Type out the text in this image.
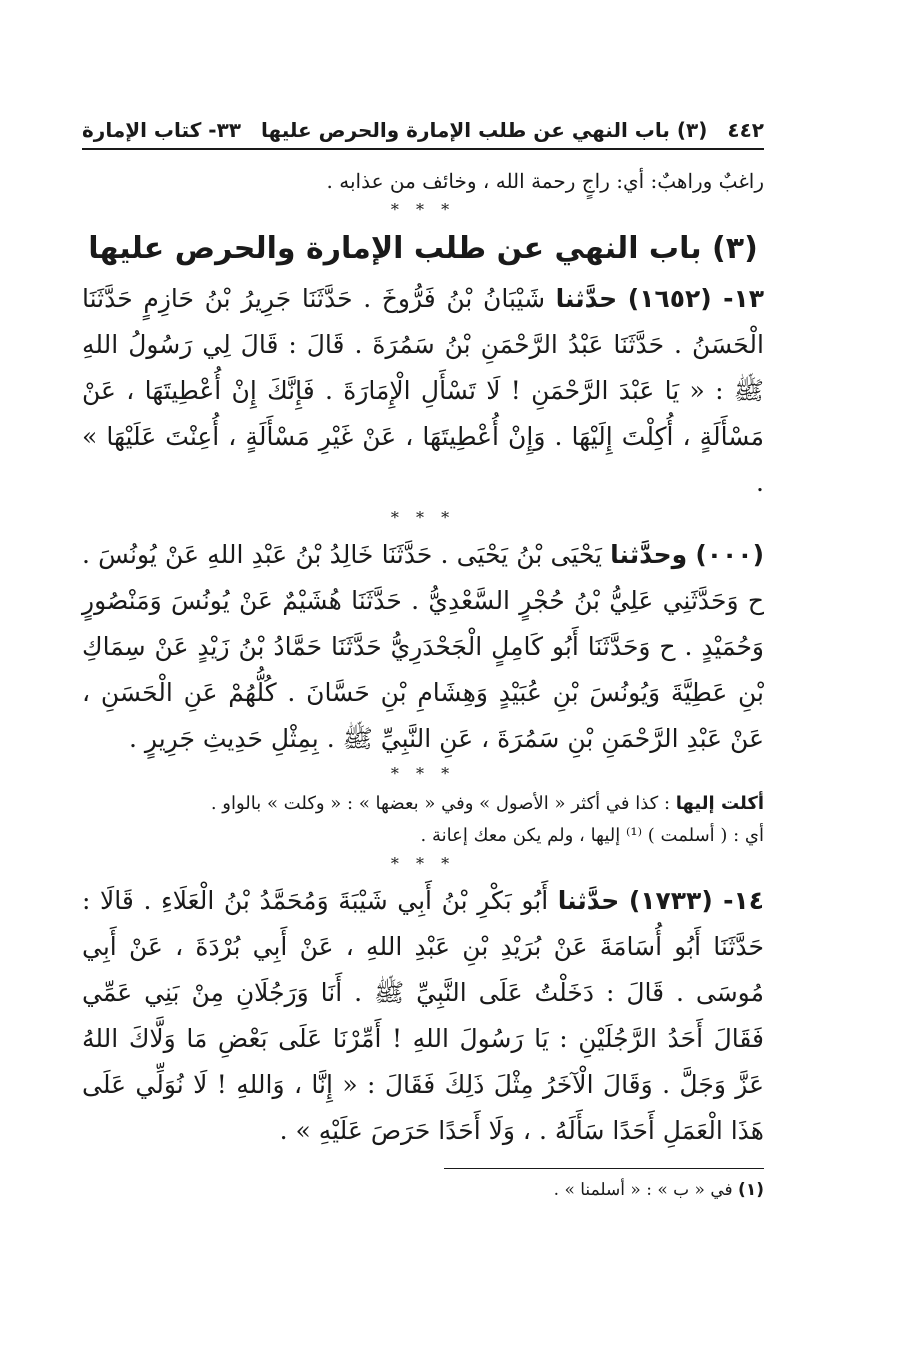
٤٤٢
(٣) باب النهي عن طلب الإمارة والحرص عليها
٣٣- كتاب الإمارة
راغبٌ وراهبٌ: أي: راجٍ رحمة الله ، وخائف من عذابه .
* * *
(٣) باب النهي عن طلب الإمارة والحرص عليها

١٣- (١٦٥٢) حدَّثنا شَيْبَانُ بْنُ فَرُّوخَ . حَدَّثَنَا جَرِيرُ بْنُ حَازِمٍ حَدَّثَنَا الْحَسَنُ . حَدَّثَنَا عَبْدُ الرَّحْمَنِ بْنُ سَمُرَةَ . قَالَ : قَالَ لِي رَسُولُ اللهِ ﷺ : « يَا عَبْدَ الرَّحْمَنِ ! لَا تَسْأَلِ الْإِمَارَةَ . فَإِنَّكَ إِنْ أُعْطِيتَهَا ، عَنْ مَسْأَلَةٍ ، أُكِلْتَ إِلَيْهَا . وَإِنْ أُعْطِيتَهَا ، عَنْ غَيْرِ مَسْأَلَةٍ ، أُعِنْتَ عَلَيْهَا » .

* * *

(٠٠٠) وحدَّثنا يَحْيَى بْنُ يَحْيَى . حَدَّثَنَا خَالِدُ بْنُ عَبْدِ اللهِ عَنْ يُونُسَ . ح وَحَدَّثَنِي عَلِيُّ بْنُ حُجْرٍ السَّعْدِيُّ . حَدَّثَنَا هُشَيْمٌ عَنْ يُونُسَ وَمَنْصُورٍ وَحُمَيْدٍ . ح وَحَدَّثَنَا أَبُو كَامِلٍ الْجَحْدَرِيُّ حَدَّثَنَا حَمَّادُ بْنُ زَيْدٍ عَنْ سِمَاكِ بْنِ عَطِيَّةَ وَيُونُسَ بْنِ عُبَيْدٍ وَهِشَامِ بْنِ حَسَّانَ . كُلُّهُمْ عَنِ الْحَسَنِ ، عَنْ عَبْدِ الرَّحْمَنِ بْنِ سَمُرَةَ ، عَنِ النَّبِيِّ ﷺ . بِمِثْلِ حَدِيثِ جَرِيرٍ .

* * *
أكلت إليها : كذا في أكثر « الأصول » وفي « بعضها » : « وكلت » بالواو .
أي : ( أسلمت ) ⁽¹⁾ إليها ، ولم يكن معك إعانة .
* * *

١٤- (١٧٣٣) حدَّثنا أَبُو بَكْرِ بْنُ أَبِي شَيْبَةَ وَمُحَمَّدُ بْنُ الْعَلَاءِ . قَالَا : حَدَّثَنَا أَبُو أُسَامَةَ عَنْ بُرَيْدِ بْنِ عَبْدِ اللهِ ، عَنْ أَبِي بُرْدَةَ ، عَنْ أَبِي مُوسَى . قَالَ : دَخَلْتُ عَلَى النَّبِيِّ ﷺ . أَنَا وَرَجُلَانِ مِنْ بَنِي عَمِّي فَقَالَ أَحَدُ الرَّجُلَيْنِ : يَا رَسُولَ اللهِ ! أَمِّرْنَا عَلَى بَعْضِ مَا وَلَّاكَ اللهُ عَزَّ وَجَلَّ . وَقَالَ الْآخَرُ مِثْلَ ذَلِكَ فَقَالَ : « إِنَّا ، وَاللهِ ! لَا نُوَلِّي عَلَى هَذَا الْعَمَلِ أَحَدًا سَأَلَهُ . ، وَلَا أَحَدًا حَرَصَ عَلَيْهِ » .

(١) في « ب » : « أسلمنا » .
